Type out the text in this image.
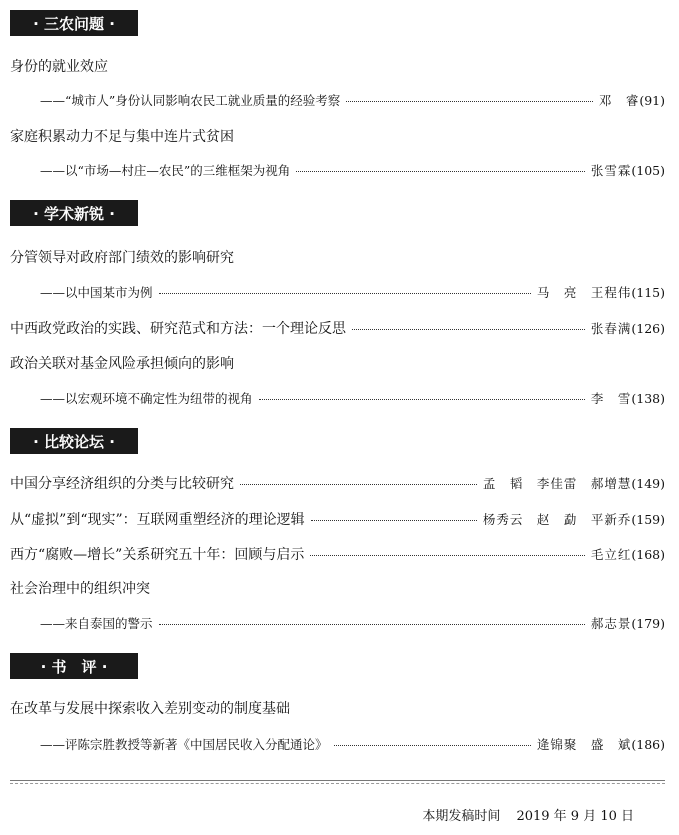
· 三农问题 ·
身份的就业效应
——“城市人”身份认同影响农民工就业质量的经验考察	邓　睿 (91)
家庭积累动力不足与集中连片式贫困
——以“市场—村庄—农民”的三维框架为视角	张雪霖 (105)
· 学术新锐 ·
分管领导对政府部门绩效的影响研究
——以中国某市为例	马　亮　王程伟 (115)
中西政党政治的实践、研究范式和方法：一个理论反思	张春满 (126)
政治关联对基金风险承担倾向的影响
——以宏观环境不确定性为纽带的视角	李　雪 (138)
· 比较论坛 ·
中国分享经济组织的分类与比较研究	孟　韬　李佳雷　郝增慧 (149)
从“虚拟”到“现实”：互联网重塑经济的理论逻辑	杨秀云　赵　勐　平新乔 (159)
西方“腐败—增长”关系研究五十年：回顾与启示	毛立红 (168)
社会治理中的组织冲突
——来自泰国的警示	郝志景 (179)
· 书　评 ·
在改革与发展中探索收入差别变动的制度基础
——评陈宗胜教授等新著《中国居民收入分配通论》	逄锦聚　盛　斌 (186)
本期发稿时间 2019 年 9 月 10 日
